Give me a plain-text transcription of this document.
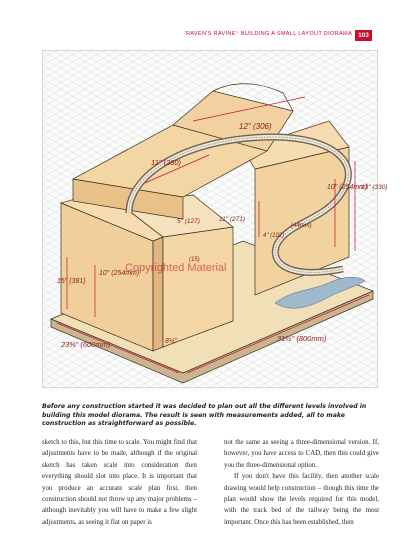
'RAVEN'S RAVINE': BUILDING A SMALL LAYOUT DIORAMA 103
12" (306)
11" (280)
5" (127)	11" (271)
10" (254mm)
13" (330)
(44mm)
4" (102)
(15)
15" (381)
10" (254mm)
23⅝" (600mm)	8¼"	31½" (800mm)
Copyrighted Material

Before any construction started it was decided to plan out all the different levels involved in building this model diorama. The result is seen with measurements added, all to make construction as straightforward as possible.

sketch to this, but this time to scale. You might find that adjustments have to be made, although if the original sketch has taken scale into consideration then everything should slot into place. It is important that you produce an accurate scale plan first, then construction should not throw up any major problems – although inevitably you will have to make a few slight adjustments, as seeing it flat on paper is

not the same as seeing a three-dimensional version. If, however, you have access to CAD, then this could give you the three-dimensional option.

If you don't have this facility, then another scale drawing would help construction – though this time the plan would show the levels required for this model, with the track bed of the railway being the most important. Once this has been established, then
